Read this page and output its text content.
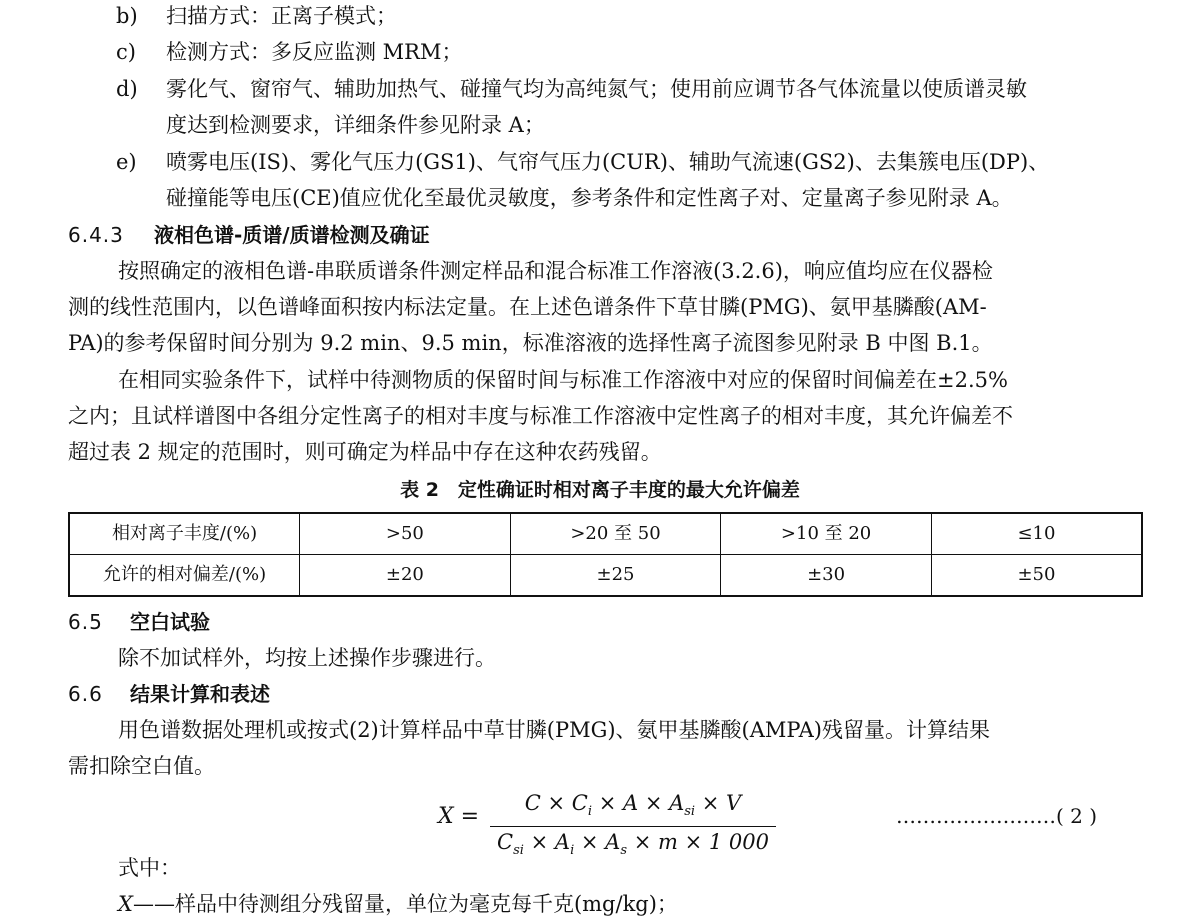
b) 扫描方式：正离子模式；
c) 检测方式：多反应监测 MRM；
d) 雾化气、窗帘气、辅助加热气、碰撞气均为高纯氮气；使用前应调节各气体流量以使质谱灵敏
度达到检测要求，详细条件参见附录 A；
e) 喷雾电压(IS)、雾化气压力(GS1)、气帘气压力(CUR)、辅助气流速(GS2)、去集簇电压(DP)、
碰撞能等电压(CE)值应优化至最优灵敏度，参考条件和定性离子对、定量离子参见附录 A。
6.4.3 液相色谱-质谱/质谱检测及确证
按照确定的液相色谱-串联质谱条件测定样品和混合标准工作溶液(3.2.6)，响应值均应在仪器检
测的线性范围内，以色谱峰面积按内标法定量。在上述色谱条件下草甘膦(PMG)、氨甲基膦酸(AM-
PA)的参考保留时间分别为 9.2 min、9.5 min，标准溶液的选择性离子流图参见附录 B 中图 B.1。
在相同实验条件下，试样中待测物质的保留时间与标准工作溶液中对应的保留时间偏差在±2.5%
之内；且试样谱图中各组分定性离子的相对丰度与标准工作溶液中定性离子的相对丰度，其允许偏差不
超过表 2 规定的范围时，则可确定为样品中存在这种农药残留。
表 2　定性确证时相对离子丰度的最大允许偏差
相对离子丰度/(%)	>50	>20 至 50	>10 至 20	≤10
允许的相对偏差/(%)	±20	±25	±30	±50
6.5 空白试验
除不加试样外，均按上述操作步骤进行。
6.6 结果计算和表述
用色谱数据处理机或按式(2)计算样品中草甘膦(PMG)、氨甲基膦酸(AMPA)残留量。计算结果
需扣除空白值。
X =
$C \times C_i \times A \times A_{si} \times V$
$C_{si} \times A_i \times A_s \times m \times 1$ 000
……………………( 2 )
式中：
X——样品中待测组分残留量，单位为毫克每千克(mg/kg)；
